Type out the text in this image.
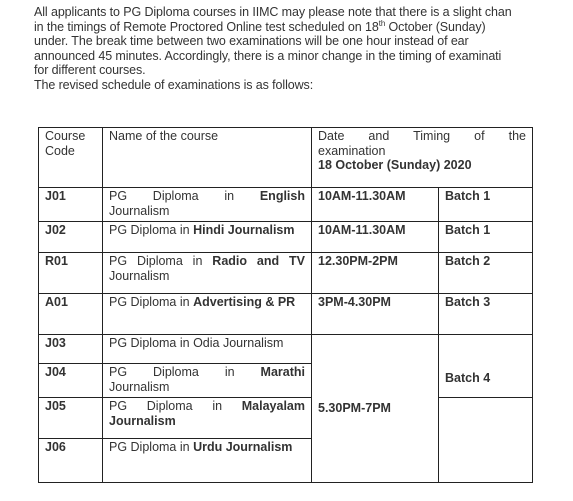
All applicants to PG Diploma courses in IIMC may please note that there is a slight chan

in the timings of Remote Proctored Online test scheduled on 18th October (Sunday)

under. The break time between two examinations will be one hour instead of ear

announced 45 minutes. Accordingly, there is a minor change in the timing of examinati

for different courses.

The revised schedule of examinations is as follows:

Course Code	Name of the course	Date and Timing of the
examination
18 October (Sunday) 2020	

J01	PG Diploma in English
Journalism	10AM-11.30AM	Batch 1
J02	PG Diploma in Hindi Journalism	10AM-11.30AM	Batch 1
R01	PG Diploma in Radio and TV
Journalism	12.30PM-2PM	Batch 2
A01	PG Diploma in Advertising & PR	3PM-4.30PM	Batch 3
J03	PG Diploma in Odia Journalism	5.30PM-7PM	Batch 4
J04	PG Diploma in Marathi
Journalism		

J05	PG Diploma in Malayalam
Journalism		

J06	PG Diploma in Urdu Journalism		
